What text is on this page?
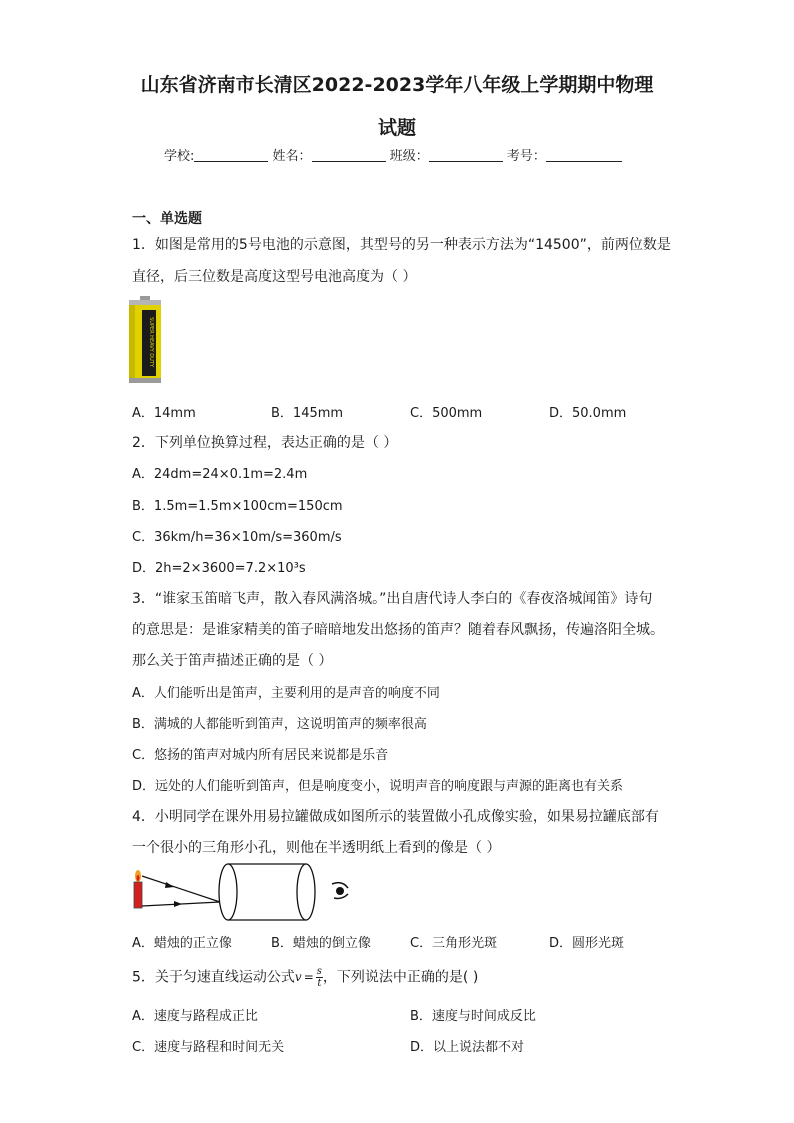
山东省济南市长清区2022-2023学年八年级上学期期中物理
试题
学校:	姓名：	班级：	考号：
一、单选题
1．如图是常用的5号电池的示意图，其型号的另一种表示方法为“14500”，前两位数是
直径，后三位数是高度这型号电池高度为（ ）
SUPER HEAVY DUTY
A．14mm	B．145mm	C．500mm	D．50.0mm
2．下列单位换算过程，表达正确的是（ ）
A．24dm=24×0.1m=2.4m
B．1.5m=1.5m×100cm=150cm
C．36km/h=36×10m/s=360m/s
D．2h=2×3600=7.2×10³s
3．“谁家玉笛暗飞声，散入春风满洛城。”出自唐代诗人李白的《春夜洛城闻笛》诗句
的意思是：是谁家精美的笛子暗暗地发出悠扬的笛声？随着春风飘扬，传遍洛阳全城。
那么关于笛声描述正确的是（ ）
A．人们能听出是笛声，主要利用的是声音的响度不同
B．满城的人都能听到笛声，这说明笛声的频率很高
C．悠扬的笛声对城内所有居民来说都是乐音
D．远处的人们能听到笛声，但是响度变小，说明声音的响度跟与声源的距离也有关系
4．小明同学在课外用易拉罐做成如图所示的装置做小孔成像实验，如果易拉罐底部有
一个很小的三角形小孔，则他在半透明纸上看到的像是（ ）
A．蜡烛的正立像	B．蜡烛的倒立像	C．三角形光斑	D．圆形光斑
5．关于匀速直线运动公式$v = \frac{s}{t}$ ，下列说法中正确的是( )
A．速度与路程成正比	B．速度与时间成反比
C．速度与路程和时间无关	D．以上说法都不对
